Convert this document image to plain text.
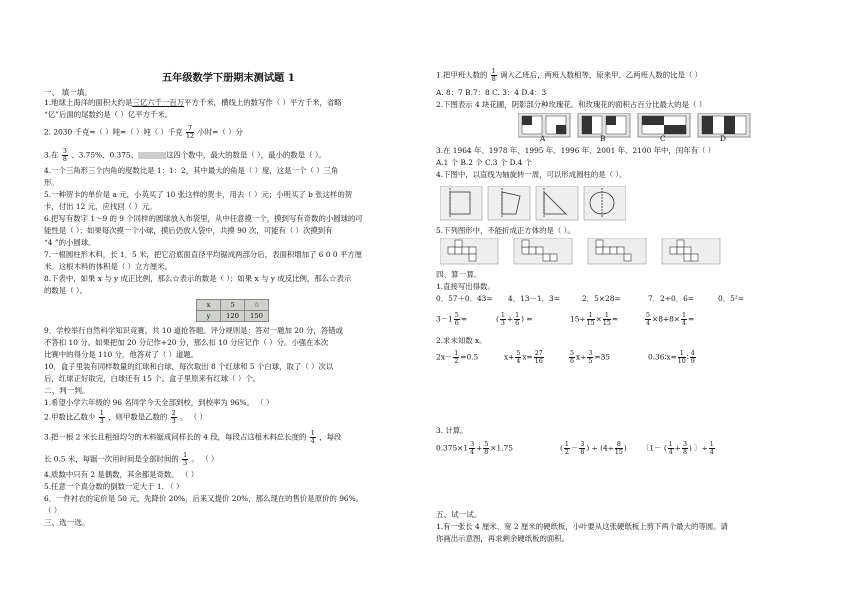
五年级数学下册期末测试题 1
一、 填一填。
1.地球上海洋的面积大约是三亿六千一百万平方千米，横线上的数写作（ ）平方千米，省略
“亿”后面的尾数约是（ ）亿平方千米。
2. 2030 千克=（ ）吨=（ ）吨（ ）千克 $\frac{7}{12}$ 小时=（ ）分
3.在 $\frac{3}{8}$ 、3.75%、0.375、	这四个数中，最大的数是（ ），最小的数是（ ）。
4.一个三角形三个内角的度数比是 1：1：2，其中最大的角是（ ）度，这是一个（ ）三角
形。
5.一种贺卡的单价是 a 元，小英买了 10 张这样的贺卡，用去（ ）元；小明买了 b 张这样的贺
卡，付出 12 元，应找回（ ）元。
6.把写有数字 1～9 的 9 个同样的圆球放入布袋里，从中任意摸一个，摸到写有奇数的小圆球的可
能性是（ ）；如果每次摸一个小球，摸后仍放入袋中，共摸 90 次，可能有（ ）次摸到有
“4 ”的小圆球。
7.一根圆柱形木料，长 1．5 米，把它沿底面直径平均锯成两部分后，表面积增加了 6 0 0 平方厘
米。这根木料的体积是（ ）立方厘米。
8.下表中，如果 x 与 y 成正比例，那么☆表示的数是（ ）；如果 x 与 y 成反比例，那么☆表示
的数是（ ）。
x	5	☆
y	120	150
9．学校举行自然科学知识竞赛，共 10 道抢答题。评分规则是：答对一题加 20 分，答错或
不答扣 10 分。如果把加 20 分记作+20 分，那么扣 10 分应记作（ ）分。小强在本次
比赛中的得分是 110 分，他答对了（ ）道题。
10．盒子里装有同样数量的红球和白球，每次取出 8 个红球和 5 个白球，取了（ ）次以
后，红球正好取完，白球还有 15 个。盒子里原来有红球（ ）个。
二、判一判。
1.希望小学六年级的 96 名同学今天全部到校，到校率为 96%。 （ ）
2.甲数比乙数少 $\frac{1}{3}$ ，则甲数是乙数的 $\frac{2}{3}$ 。 （ ）
3.把一根 2 米长且粗细均匀的木料锯成同样长的 4 段，每段占这根木料总长度的 $\frac{1}{4}$ ，每段
长 0.5 米，每锯一次用时间是全部时间的 $\frac{1}{3}$ 。 （ ）
4.质数中只有 2 是偶数，其余都是奇数。 （ ）
5.任意一个真分数的倒数一定大于 1. （ ）
6．一件衬衣的定价是 50 元，先降价 20%，后来又提价 20%，那么现在的售价是原价的 96%。
（ ）
三、选一选。
1.把甲班人数的 $\frac{1}{8}$ 调入乙班后，两班人数相等，原来甲、乙两班人数的比是（ ）
A. 8：7 B.7：8 C. 3：4 D.4：3
2.下图表示 4 块花圃，阴影部分种玫瑰花。和玫瑰花的面积占百分比最大的是（ ）
A	B	C	D
3.在 1964 年、1978 年、1995 年、1996 年、2001 年、2100 年中，闰年有（ ）
A.1 个 B.2 个 C.3 个 D.4 个
4.下图中，以直线为轴旋转一周，可以形成圆柱的是（ ）。
5.下列图形中，不能折成正方体的是（ ）。
四、算一算。
1.直接写出得数。
0．57＋0．43= 4．13－1．3=	2．5×28=	7．2÷0．6=	0．5²=
$3-1 \frac{5}{6}$ =	( $\frac{1}{3} + \frac{1}{6}$ ) =	$15\div \frac{1}{15} \times \frac{1}{15}$ =	$\frac{5}{4} \times 8+8\times \frac{1}{4}$ =
2.求未知数 x。
$2x- \frac{1}{2} =0.5$	$x+ \frac{5}{4} x= \frac{27}{16}$	$\frac{5}{6} x\div \frac{3}{5} =35$	0.36∶x= $\frac{1}{10}$ ∶ $\frac{4}{9}$
3. 计算。
$0.375\times 1 \frac{3}{4} + \frac{5}{8} \times 1.75$	( $\frac{1}{2} - \frac{3}{8}$ ) ÷ ($4\div \frac{8}{15}$ ) 〔1－ ( $\frac{1}{4} + \frac{3}{8}$ ) 〕÷ $\frac{1}{4}$
五、试一试。
1.有一张长 4 厘米、宽 2 厘米的硬纸板，小叶要从这张硬纸板上剪下两个最大的等圆。请
你画出示意图，再求剩余硬纸板的面积。
